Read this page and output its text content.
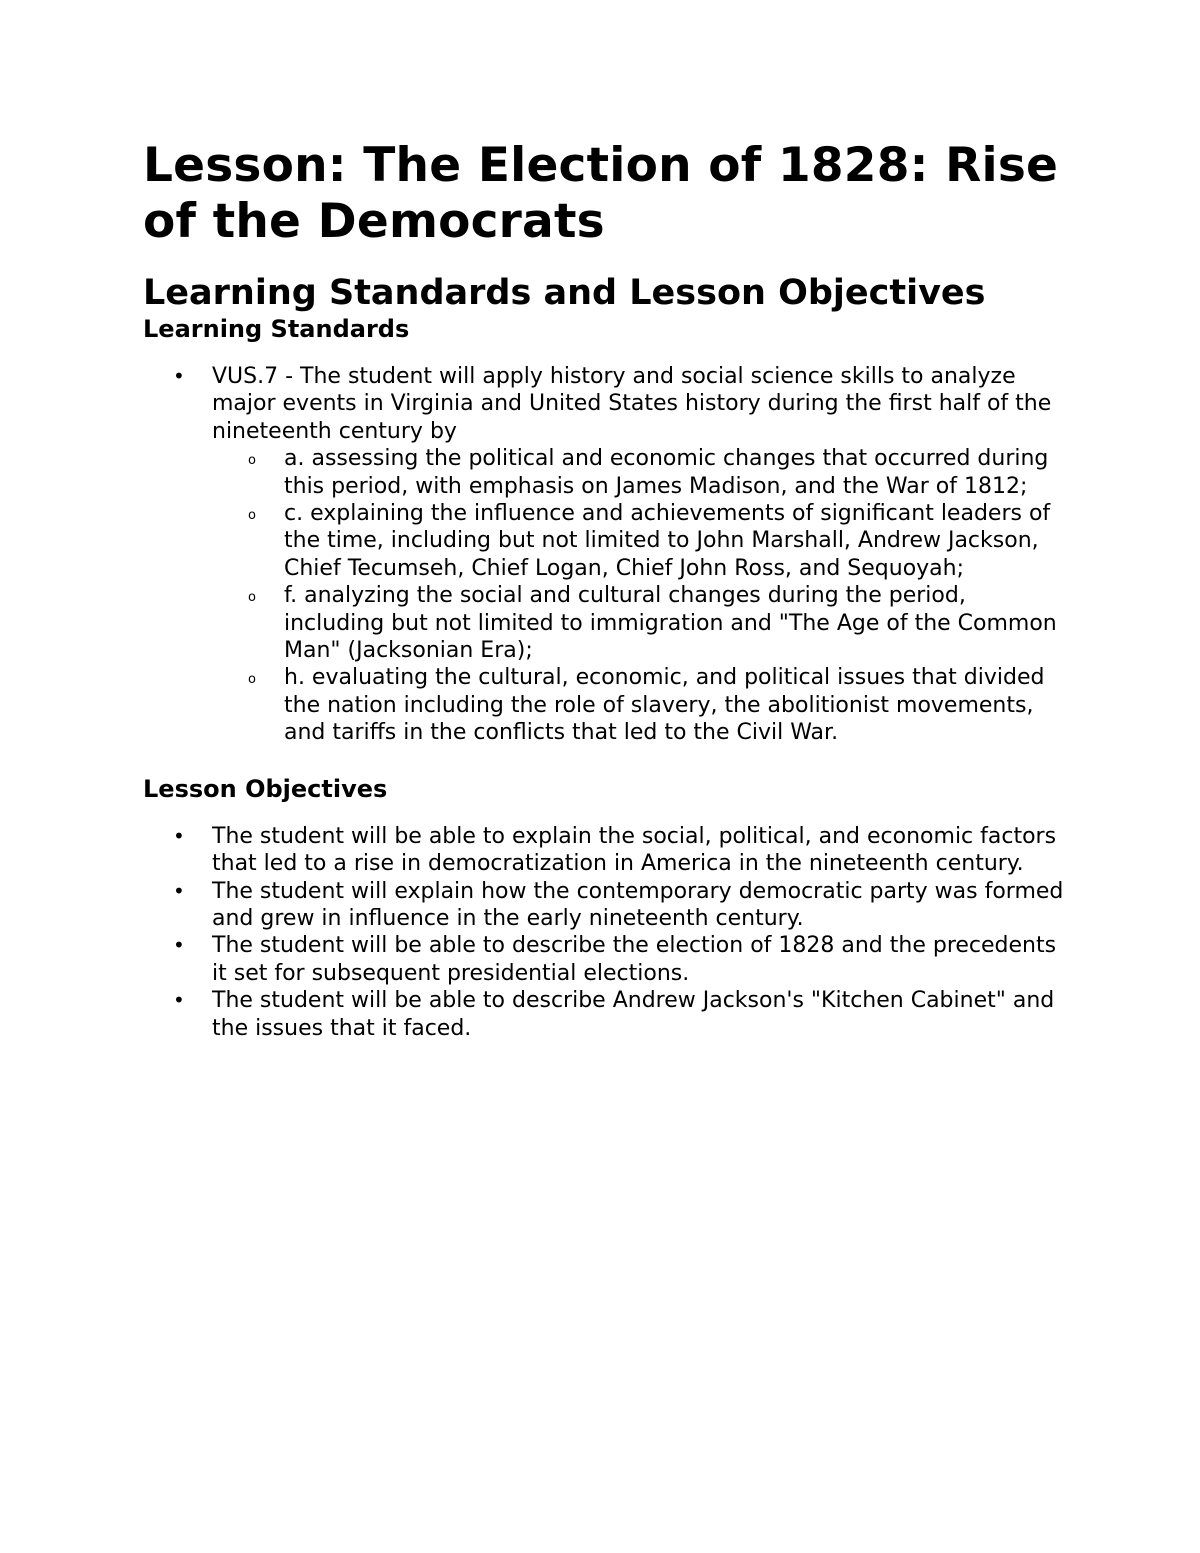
Lesson: The Election of 1828: Rise of the Democrats
Learning Standards and Lesson Objectives
Learning Standards
• VUS.7 - The student will apply history and social science skills to analyze major events in Virginia and United States history during the first half of the nineteenth century by
o a. assessing the political and economic changes that occurred during this period, with emphasis on James Madison, and the War of 1812;
o c. explaining the influence and achievements of significant leaders of the time, including but not limited to John Marshall, Andrew Jackson, Chief Tecumseh, Chief Logan, Chief John Ross, and Sequoyah;
o f. analyzing the social and cultural changes during the period, including but not limited to immigration and "The Age of the Common Man" (Jacksonian Era);
o h. evaluating the cultural, economic, and political issues that divided the nation including the role of slavery, the abolitionist movements, and tariffs in the conflicts that led to the Civil War.
Lesson Objectives
• The student will be able to explain the social, political, and economic factors that led to a rise in democratization in America in the nineteenth century.
• The student will explain how the contemporary democratic party was formed and grew in influence in the early nineteenth century.
• The student will be able to describe the election of 1828 and the precedents it set for subsequent presidential elections.
• The student will be able to describe Andrew Jackson's "Kitchen Cabinet" and the issues that it faced.
